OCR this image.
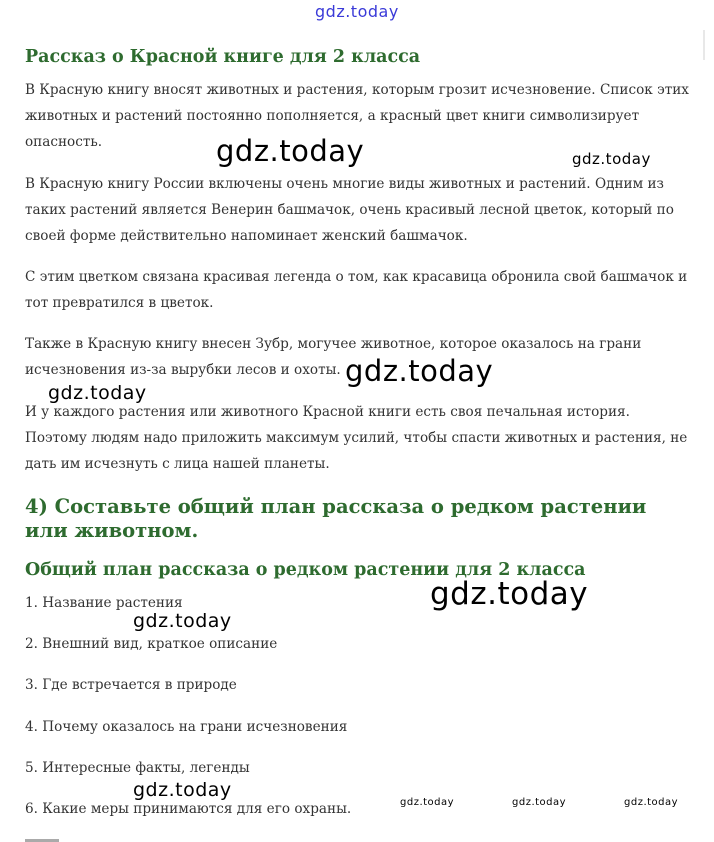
gdz.today
Рассказ о Красной книге для 2 класса

В Красную книгу вносят животных и растения, которым грозит исчезновение. Список этих животных и растений постоянно пополняется, а красный цвет книги символизирует опасность.

В Красную книгу России включены очень многие виды животных и растений. Одним из таких растений является Венерин башмачок, очень красивый лесной цветок, который по своей форме действительно напоминает женский башмачок.

С этим цветком связана красивая легенда о том, как красавица обронила свой башмачок и тот превратился в цветок.

Также в Красную книгу внесен Зубр, могучее животное, которое оказалось на грани исчезновения из-за вырубки лесов и охоты.

И у каждого растения или животного Красной книги есть своя печальная история. Поэтому людям надо приложить максимум усилий, чтобы спасти животных и растения, не дать им исчезнуть с лица нашей планеты.

4) Составьте общий план рассказа о редком растении или животном.
Общий план рассказа о редком растении для 2 класса

1. Название растения

2. Внешний вид, краткое описание

3. Где встречается в природе

4. Почему оказалось на грани исчезновения

5. Интересные факты, легенды

6. Какие меры принимаются для его охраны.

gdz.today	gdz.today
gdz.today
gdz.today
gdz.today
gdz.today
gdz.today
gdz.today	gdz.today	gdz.today
